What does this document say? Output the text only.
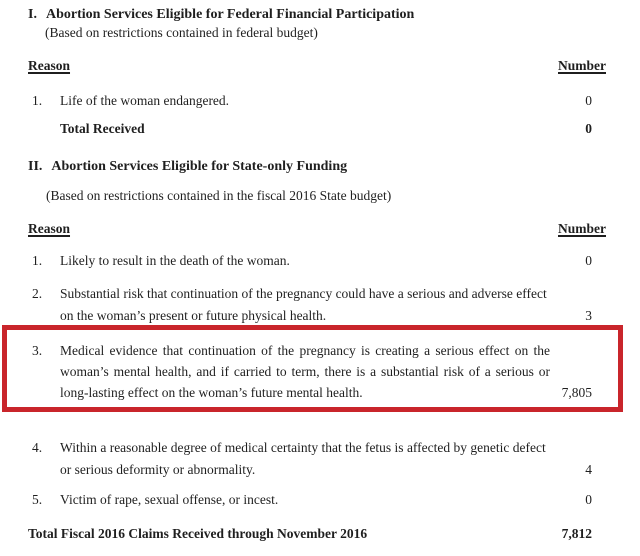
I. Abortion Services Eligible for Federal Financial Participation
(Based on restrictions contained in federal budget)
Reason	Number
1.	Life of the woman endangered.	0
Total Received	0
II. Abortion Services Eligible for State-only Funding
(Based on restrictions contained in the fiscal 2016 State budget)
Reason	Number
1.	Likely to result in the death of the woman.	0
2.	Substantial risk that continuation of the pregnancy could have a serious and adverse effect on the woman’s present or future physical health.	3
3.	Medical evidence that continuation of the pregnancy is creating a serious effect on the woman’s mental health, and if carried to term, there is a substantial risk of a serious or long-lasting effect on the woman’s future mental health.	7,805
4.	Within a reasonable degree of medical certainty that the fetus is affected by genetic defect or serious deformity or abnormality.	4
5.	Victim of rape, sexual offense, or incest.	0
Total Fiscal 2016 Claims Received through November 2016	7,812
